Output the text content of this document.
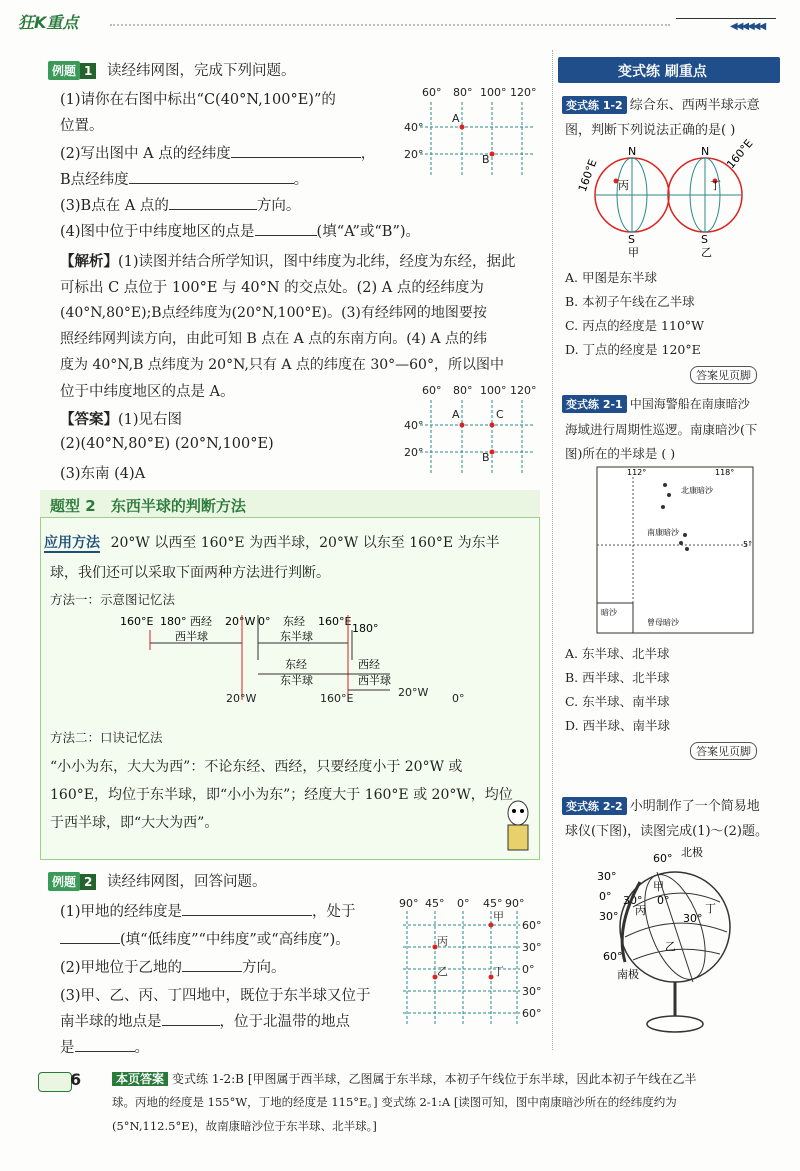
狂K重点	◀◀◀◀◀◀
例题 1 读经纬网图，完成下列问题。
(1)请你在右图中标出“C(40°N,100°E)”的
位置。
(2)写出图中 A 点的经纬度	，
B点经纬度	。
(3)B点在 A 点的	方向。
(4)图中位于中纬度地区的点是	(填“A”或“B”)。
60° 80° 100° 120°
40°
20°
A
B
【解析】(1)读图并结合所学知识，图中纬度为北纬，经度为东经，据此
可标出 C 点位于 100°E 与 40°N 的交点处。(2) A 点的经纬度为
(40°N,80°E);B点经纬度为(20°N,100°E)。(3)有经纬网的地图要按
照经纬网判读方向，由此可知 B 点在 A 点的东南方向。(4) A 点的纬
度为 40°N,B 点纬度为 20°N,只有 A 点的纬度在 30°—60°，所以图中
位于中纬度地区的点是 A。
【答案】(1)见右图
(2)(40°N,80°E) (20°N,100°E)
(3)东南 (4)A
60° 80° 100° 120°
40°
20°
A	C
B
题型 2 东西半球的判断方法
应用方法 20°W 以西至 160°E 为西半球，20°W 以东至 160°E 为东半
球，我们还可以采取下面两种方法进行判断。
方法一：示意图记忆法
160°E 180° 西经 20°W 0° 东经 160°E
180°
西半球	东半球
东经	西经
东半球	西半球
20°W	160°E	20°W 0°
方法二：口诀记忆法
“小小为东，大大为西”：不论东经、西经，只要经度小于 20°W 或
160°E，均位于东半球，即“小小为东”；经度大于 160°E 或 20°W，均位
于西半球，即“大大为西”。
例题 2 读经纬网图，回答问题。
(1)甲地的经纬度是	，处于
(填“低纬度”“中纬度”或“高纬度”)。
(2)甲地位于乙地的	方向。
(3)甲、乙、丙、丁四地中，既位于东半球又位于
南半球的地点是	，位于北温带的地点
是	。
90° 45° 0° 45° 90°
60°
30°
0°
30°
60°
甲
丙
乙	丁
变式练 刷重点
变式练 1-2 综合东、西两半球示意
图，判断下列说法正确的是( )
N	N
S	S
160°E
160°E
丙	丁
甲	乙
A. 甲图是东半球
B. 本初子午线在乙半球
C. 丙点的经度是 110°W
D. 丁点的经度是 120°E
答案见页脚
变式练 2-1 中国海警船在南康暗沙
海域进行周期性巡逻。南康暗沙(下
图)所在的半球是 ( )
112°	118°
5°
北康暗沙
南康暗沙
暗沙
曾母暗沙
A. 东半球、北半球
B. 西半球、北半球
C. 东半球、南半球
D. 西半球、南半球
答案见页脚
变式练 2-2 小明制作了一个简易地
球仪(下图)，读图完成(1)～(2)题。
北极
南极
60°
30°
0°
30°
60°
甲
丙	丁
乙
0°
30°
30°
6	本页答案 变式练 1-2:B [甲图属于西半球，乙图属于东半球，本初子午线位于东半球，因此本初子午线在乙半
球。丙地的经度是 155°W，丁地的经度是 115°E。] 变式练 2-1:A [读图可知，图中南康暗沙所在的经纬度约为
(5°N,112.5°E)，故南康暗沙位于东半球、北半球。]
